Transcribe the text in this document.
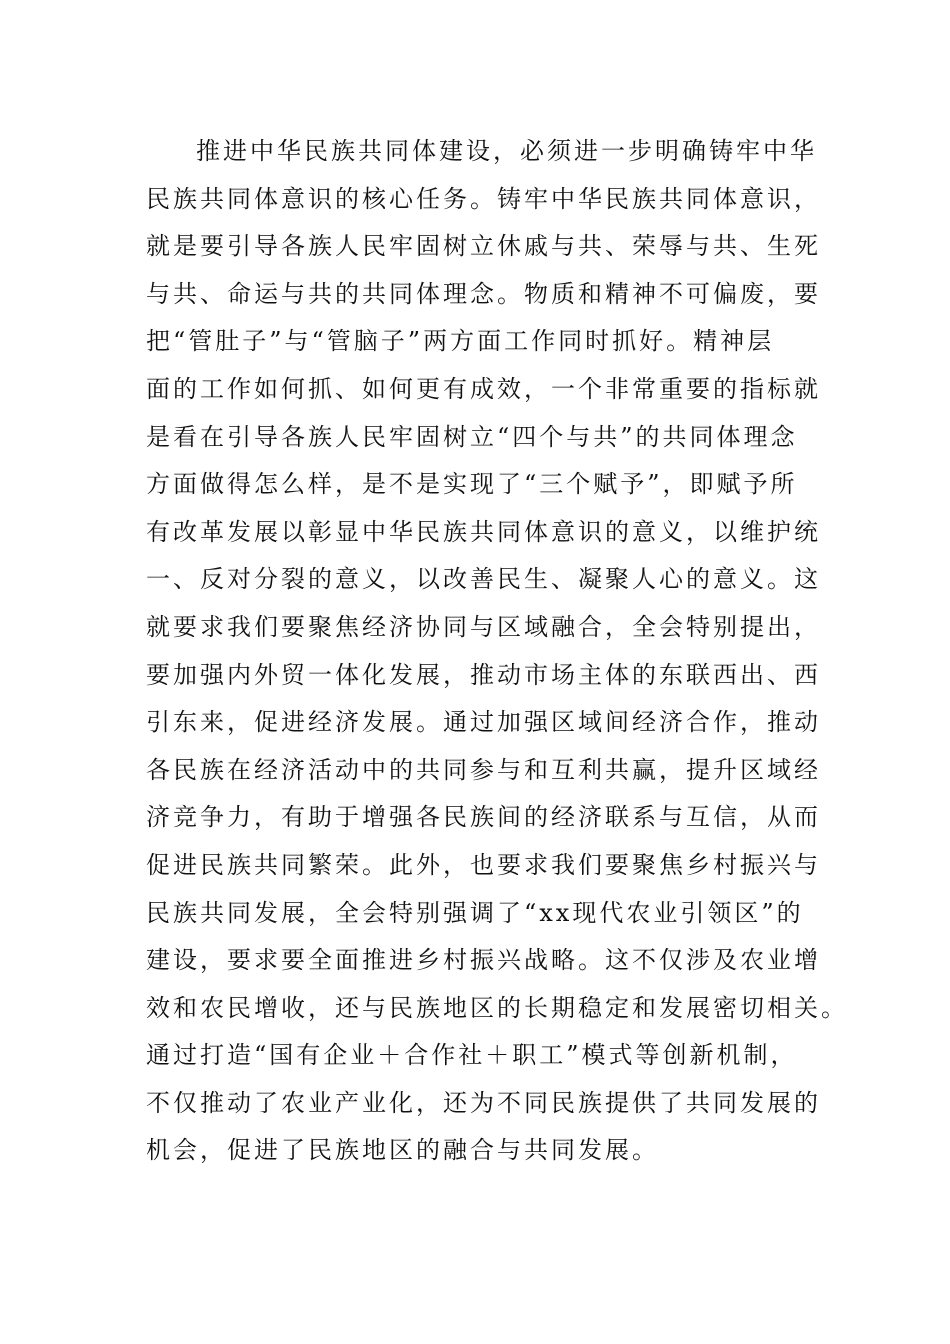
推进中华民族共同体建设，必须进一步明确铸牢中华
民族共同体意识的核心任务。铸牢中华民族共同体意识，
就是要引导各族人民牢固树立休戚与共、荣辱与共、生死
与共、命运与共的共同体理念。物质和精神不可偏废，要
把“管肚子”与“管脑子”两方面工作同时抓好。精神层
面的工作如何抓、如何更有成效，一个非常重要的指标就
是看在引导各族人民牢固树立“四个与共”的共同体理念
方面做得怎么样，是不是实现了“三个赋予”，即赋予所
有改革发展以彰显中华民族共同体意识的意义，以维护统
一、反对分裂的意义，以改善民生、凝聚人心的意义。这
就要求我们要聚焦经济协同与区域融合，全会特别提出，
要加强内外贸一体化发展，推动市场主体的东联西出、西
引东来，促进经济发展。通过加强区域间经济合作，推动
各民族在经济活动中的共同参与和互利共赢，提升区域经
济竞争力，有助于增强各民族间的经济联系与互信，从而
促进民族共同繁荣。此外，也要求我们要聚焦乡村振兴与
民族共同发展，全会特别强调了“xx现代农业引领区”的
建设，要求要全面推进乡村振兴战略。这不仅涉及农业增
效和农民增收，还与民族地区的长期稳定和发展密切相关。
通过打造“国有企业＋合作社＋职工”模式等创新机制，
不仅推动了农业产业化，还为不同民族提供了共同发展的
机会，促进了民族地区的融合与共同发展。
